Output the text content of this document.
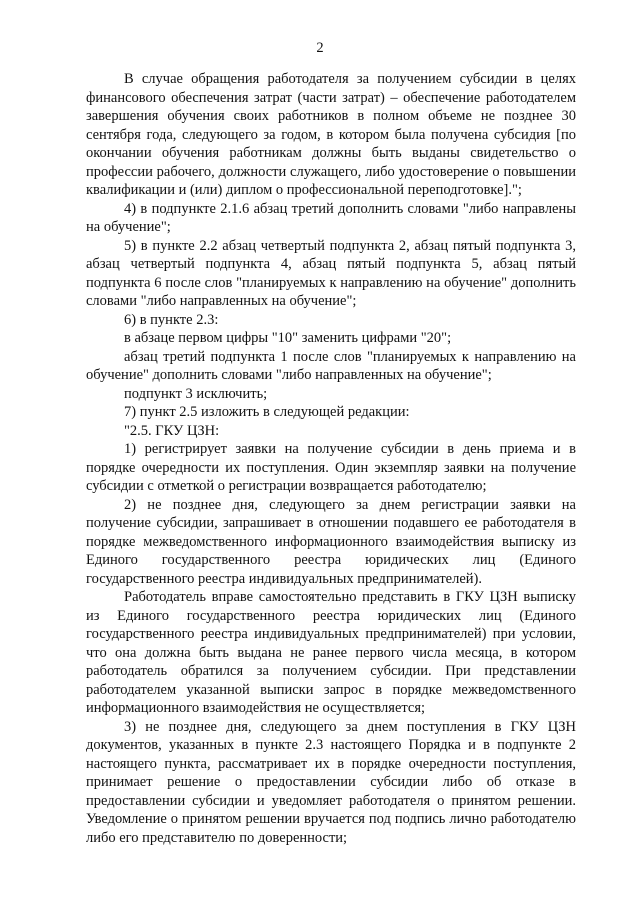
2

В случае обращения работодателя за получением субсидии в целях финансового обеспечения затрат (части затрат) – обеспечение работодателем завершения обучения своих работников в полном объеме не позднее 30 сентября года, следующего за годом, в котором была получена субсидия [по окончании обучения работникам должны быть выданы свидетельство о профессии рабочего, должности служащего, либо удостоверение о повышении квалификации и (или) диплом о профессиональной переподготовке].";

4) в подпункте 2.1.6 абзац третий дополнить словами "либо направлены на обучение";

5) в пункте 2.2 абзац четвертый подпункта 2, абзац пятый подпункта 3, абзац четвертый подпункта 4, абзац пятый подпункта 5, абзац пятый подпункта 6 после слов "планируемых к направлению на обучение" дополнить словами "либо направленных на обучение";

6) в пункте 2.3:

в абзаце первом цифры "10" заменить цифрами "20";

абзац третий подпункта 1 после слов "планируемых к направлению на обучение" дополнить словами "либо направленных на обучение";

подпункт 3 исключить;

7) пункт 2.5 изложить в следующей редакции:

"2.5. ГКУ ЦЗН:

1) регистрирует заявки на получение субсидии в день приема и в порядке очередности их поступления. Один экземпляр заявки на получение субсидии с отметкой о регистрации возвращается работодателю;

2) не позднее дня, следующего за днем регистрации заявки на получение субсидии, запрашивает в отношении подавшего ее работодателя в порядке межведомственного информационного взаимодействия выписку из Единого государственного реестра юридических лиц (Единого государственного реестра индивидуальных предпринимателей).

Работодатель вправе самостоятельно представить в ГКУ ЦЗН выписку из Единого государственного реестра юридических лиц (Единого государственного реестра индивидуальных предпринимателей) при условии, что она должна быть выдана не ранее первого числа месяца, в котором работодатель обратился за получением субсидии. При представлении работодателем указанной выписки запрос в порядке межведомственного информационного взаимодействия не осуществляется;

3) не позднее дня, следующего за днем поступления в ГКУ ЦЗН документов, указанных в пункте 2.3 настоящего Порядка и в подпункте 2 настоящего пункта, рассматривает их в порядке очередности поступления, принимает решение о предоставлении субсидии либо об отказе в предоставлении субсидии и уведомляет работодателя о принятом решении. Уведомление о принятом решении вручается под подпись лично работодателю либо его представителю по доверенности;
